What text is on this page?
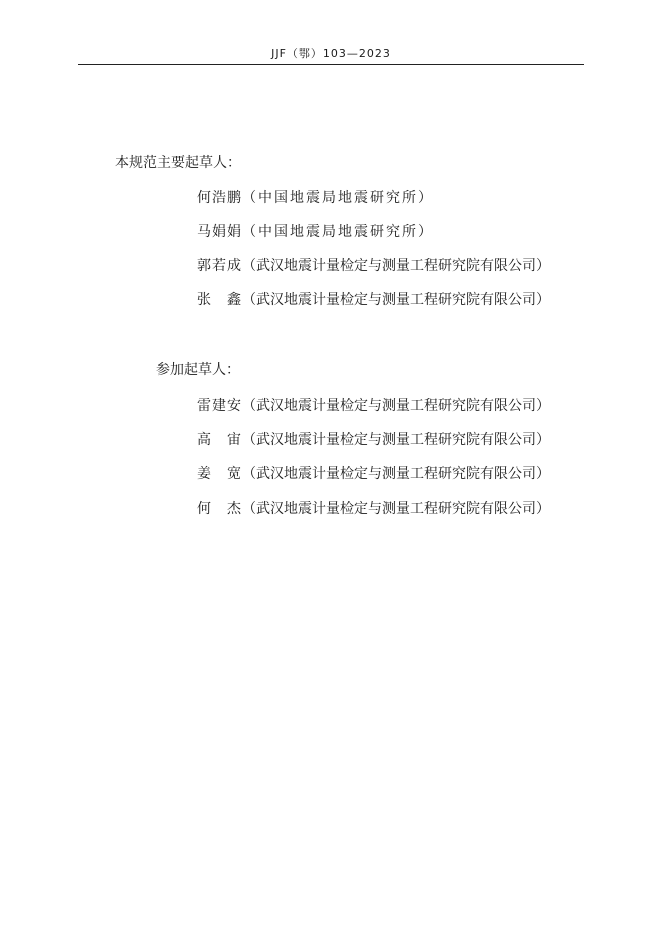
JJF（鄂）103—2023
本规范主要起草人：
何浩鹏 （中国地震局地震研究所）
马娟娟 （中国地震局地震研究所）
郭若成 （武汉地震计量检定与测量工程研究院有限公司）
张　鑫 （武汉地震计量检定与测量工程研究院有限公司）
参加起草人：
雷建安 （武汉地震计量检定与测量工程研究院有限公司）
高　宙 （武汉地震计量检定与测量工程研究院有限公司）
姜　宽 （武汉地震计量检定与测量工程研究院有限公司）
何　杰 （武汉地震计量检定与测量工程研究院有限公司）
